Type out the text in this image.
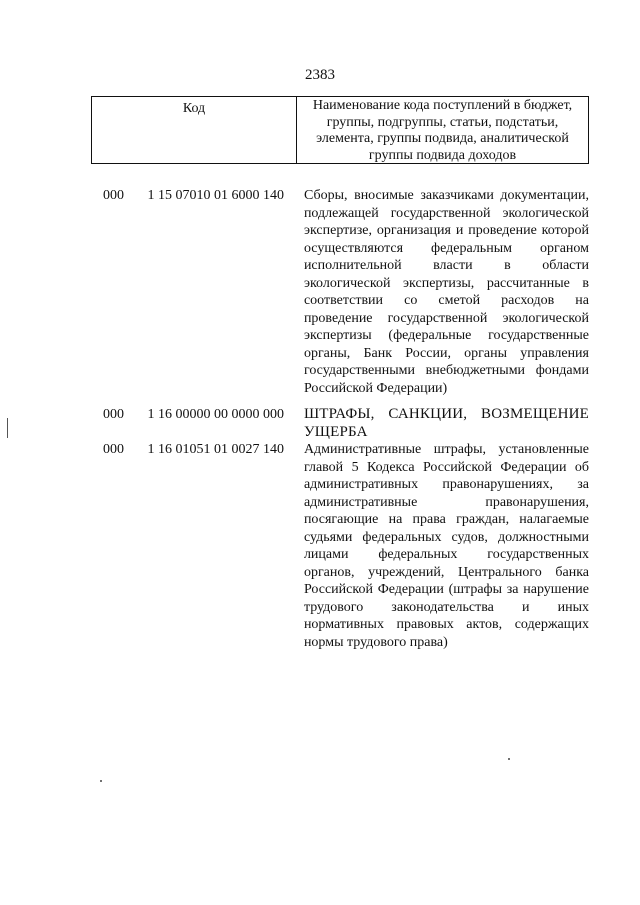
2383
Код	Наименование кода поступлений в бюджет, группы, подгруппы, статьи, подстатьи, элемента, группы подвида, аналитической группы подвида доходов
000	1 15 07010 01 6000 140	Сборы, вносимые заказчиками документации, подлежащей государственной экологической экспертизе, организация и проведение которой осуществляются федеральным органом исполнительной власти в области экологической экспертизы, рассчитанные в соответствии со сметой расходов на проведение государственной экологической экспертизы (федеральные государственные органы, Банк России, органы управления государственными внебюджетными фондами Российской Федерации)
000	1 16 00000 00 0000 000	ШТРАФЫ, САНКЦИИ, ВОЗМЕЩЕНИЕ УЩЕРБА
000	1 16 01051 01 0027 140	Административные штрафы, установленные главой 5 Кодекса Российской Федерации об административных правонарушениях, за административные правонарушения, посягающие на права граждан, налагаемые судьями федеральных судов, должностными лицами федеральных государственных органов, учреждений, Центрального банка Российской Федерации (штрафы за нарушение трудового законодательства и иных нормативных правовых актов, содержащих нормы трудового права)
